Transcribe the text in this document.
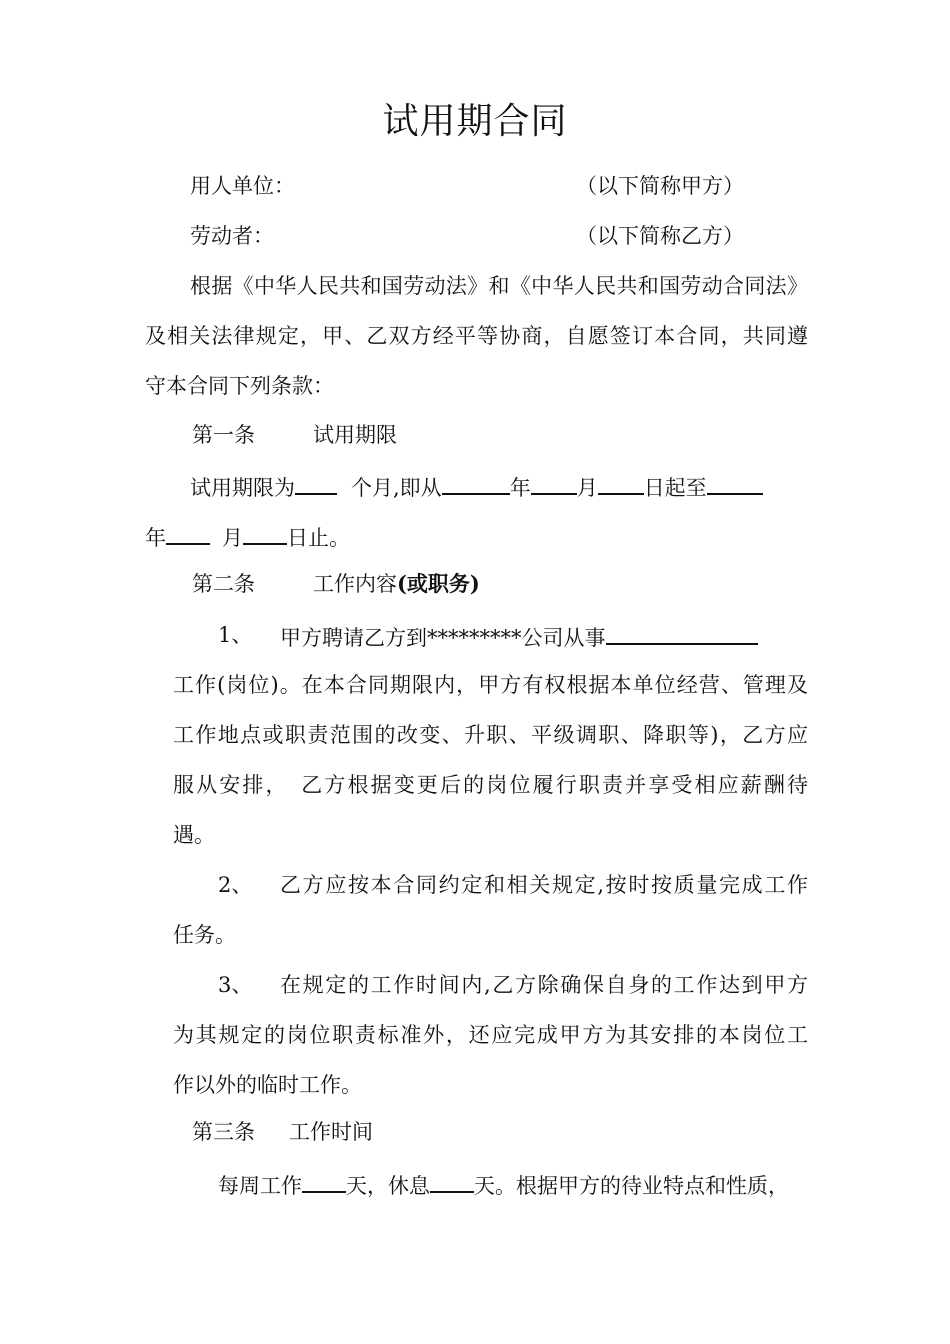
试用期合同
用人单位：	（以下简称甲方）
劳动者：	（以下简称乙方）
根据《中华人民共和国劳动法》和《中华人民共和国劳动合同法》
及相关法律规定，甲、乙双方经平等协商，自愿签订本合同，共同遵
守本合同下列条款：
第一条	试用期限
试用期限为	个月,即从	年 月 日起至
年	月 日止。
第二条	工作内容(或职务)
1、 甲方聘请乙方到*********公司从事
工作(岗位)。在本合同期限内，甲方有权根据本单位经营、管理及
工作地点或职责范围的改变、升职、平级调职、降职等)，乙方应
服从安排，　乙方根据变更后的岗位履行职责并享受相应薪酬待
遇。
2、 乙方应按本合同约定和相关规定,按时按质量完成工作
任务。
3、 在规定的工作时间内,乙方除确保自身的工作达到甲方
为其规定的岗位职责标准外，还应完成甲方为其安排的本岗位工
作以外的临时工作。
第三条 工作时间
每周工作 天，休息 天。根据甲方的待业特点和性质，
